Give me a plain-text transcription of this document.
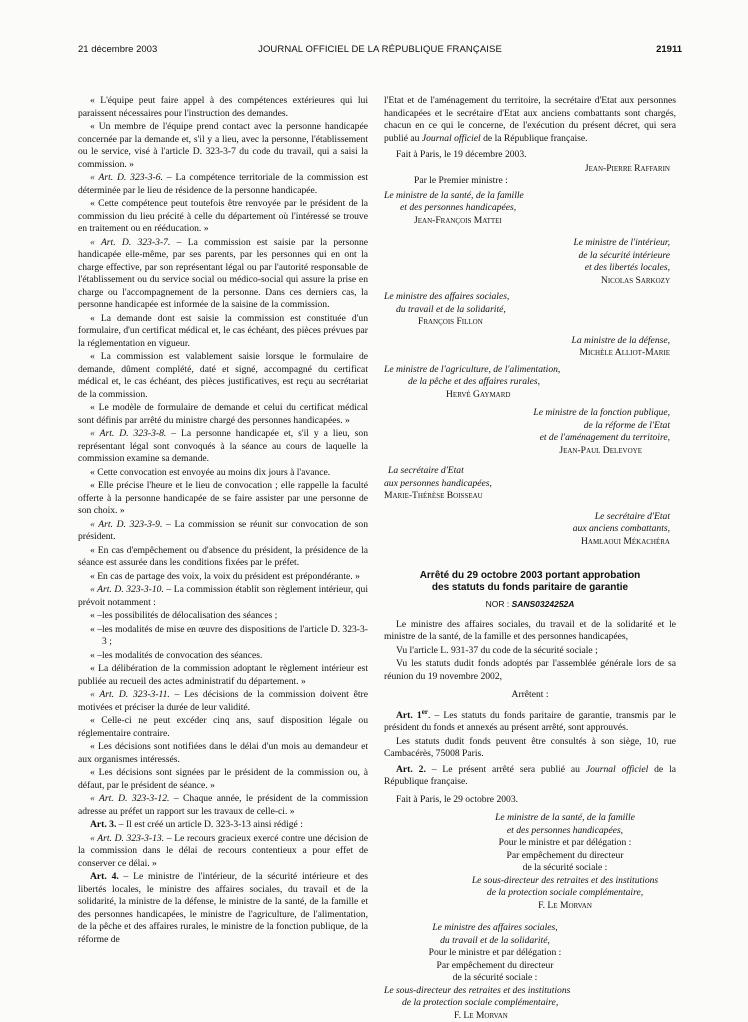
21 décembre 2003	JOURNAL OFFICIEL DE LA RÉPUBLIQUE FRANÇAISE	21911

« L'équipe peut faire appel à des compétences extérieures qui lui paraissent nécessaires pour l'instruction des demandes.

« Un membre de l'équipe prend contact avec la personne handicapée concernée par la demande et, s'il y a lieu, avec la personne, l'établissement ou le service, visé à l'article D. 323-3-7 du code du travail, qui a saisi la commission. »

« Art. D. 323-3-6. – La compétence territoriale de la commission est déterminée par le lieu de résidence de la personne handicapée.

« Cette compétence peut toutefois être renvoyée par le président de la commission du lieu précité à celle du département où l'intéressé se trouve en traitement ou en rééducation. »

« Art. D. 323-3-7. – La commission est saisie par la personne handicapée elle-même, par ses parents, par les personnes qui en ont la charge effective, par son représentant légal ou par l'autorité responsable de l'établissement ou du service social ou médico-social qui assure la prise en charge ou l'accompagnement de la personne. Dans ces derniers cas, la personne handicapée est informée de la saisine de la commission.

« La demande dont est saisie la commission est constituée d'un formulaire, d'un certificat médical et, le cas échéant, des pièces prévues par la réglementation en vigueur.

« La commission est valablement saisie lorsque le formulaire de demande, dûment complété, daté et signé, accompagné du certificat médical et, le cas échéant, des pièces justificatives, est reçu au secrétariat de la commission.

« Le modèle de formulaire de demande et celui du certificat médical sont définis par arrêté du ministre chargé des personnes handicapées. »

« Art. D. 323-3-8. – La personne handicapée et, s'il y a lieu, son représentant légal sont convoqués à la séance au cours de laquelle la commission examine sa demande.

« Cette convocation est envoyée au moins dix jours à l'avance.

« Elle précise l'heure et le lieu de convocation ; elle rappelle la faculté offerte à la personne handicapée de se faire assister par une personne de son choix. »

« Art. D. 323-3-9. – La commission se réunit sur convocation de son président.

« En cas d'empêchement ou d'absence du président, la présidence de la séance est assurée dans les conditions fixées par le préfet.

« En cas de partage des voix, la voix du président est prépondérante. »

« Art. D. 323-3-10. – La commission établit son règlement intérieur, qui prévoit notamment :

« – les possibilités de délocalisation des séances ;
« – les modalités de mise en œuvre des dispositions de l'article D. 323-3-3 ;
« – les modalités de convocation des séances.

« La délibération de la commission adoptant le règlement intérieur est publiée au recueil des actes administratif du département. »

« Art. D. 323-3-11. – Les décisions de la commission doivent être motivées et préciser la durée de leur validité.

« Celle-ci ne peut excéder cinq ans, sauf disposition légale ou réglementaire contraire.

« Les décisions sont notifiées dans le délai d'un mois au demandeur et aux organismes intéressés.

« Les décisions sont signées par le président de la commission ou, à défaut, par le président de séance. »

« Art. D. 323-3-12. – Chaque année, le président de la commission adresse au préfet un rapport sur les travaux de celle-ci. »

Art. 3. – Il est créé un article D. 323-3-13 ainsi rédigé :

« Art. D. 323-3-13. – Le recours gracieux exercé contre une décision de la commission dans le délai de recours contentieux a pour effet de conserver ce délai. »

Art. 4. – Le ministre de l'intérieur, de la sécurité intérieure et des libertés locales, le ministre des affaires sociales, du travail et de la solidarité, la ministre de la défense, le ministre de la santé, de la famille et des personnes handicapées, le ministre de l'agriculture, de l'alimentation, de la pêche et des affaires rurales, le ministre de la fonction publique, de la réforme de

l'Etat et de l'aménagement du territoire, la secrétaire d'Etat aux personnes handicapées et le secrétaire d'Etat aux anciens combattants sont chargés, chacun en ce qui le concerne, de l'exécution du présent décret, qui sera publié au Journal officiel de la République française.

Fait à Paris, le 19 décembre 2003.

Jean-Pierre Raffarin
Par le Premier ministre :
Le ministre de la santé, de la famille
et des personnes handicapées,
Jean-François Mattei
Le ministre de l'intérieur,
de la sécurité intérieure
et des libertés locales,
Nicolas Sarkozy
Le ministre des affaires sociales,
du travail et de la solidarité,
François Fillon
La ministre de la défense,
Michèle Alliot-Marie
Le ministre de l'agriculture, de l'alimentation,
de la pêche et des affaires rurales,
Hervé Gaymard
Le ministre de la fonction publique,
de la réforme de l'Etat
et de l'aménagement du territoire,
Jean-Paul Delevoye
La secrétaire d'Etat
aux personnes handicapées,
Marie-Thérèse Boisseau
Le secrétaire d'Etat
aux anciens combattants,
Hamlaoui Mékachéra
Arrêté du 29 octobre 2003 portant approbation
des statuts du fonds paritaire de garantie
NOR : SANS0324252A

Le ministre des affaires sociales, du travail et de la solidarité et le ministre de la santé, de la famille et des personnes handicapées,

Vu l'article L. 931-37 du code de la sécurité sociale ;

Vu les statuts dudit fonds adoptés par l'assemblée générale lors de sa réunion du 19 novembre 2002,

Arrêtent :

Art. 1er. – Les statuts du fonds paritaire de garantie, transmis par le président du fonds et annexés au présent arrêté, sont approuvés.

Les statuts dudit fonds peuvent être consultés à son siège, 10, rue Cambacérès, 75008 Paris.

Art. 2. – Le présent arrêté sera publié au Journal officiel de la République française.

Fait à Paris, le 29 octobre 2003.

Le ministre de la santé, de la famille
et des personnes handicapées,
Pour le ministre et par délégation :
Par empêchement du directeur
de la sécurité sociale :
Le sous-directeur des retraites et des institutions
de la protection sociale complémentaire,
F. Le Morvan
Le ministre des affaires sociales,
du travail et de la solidarité,
Pour le ministre et par délégation :
Par empêchement du directeur
de la sécurité sociale :
Le sous-directeur des retraites et des institutions
de la protection sociale complémentaire,
F. Le Morvan
